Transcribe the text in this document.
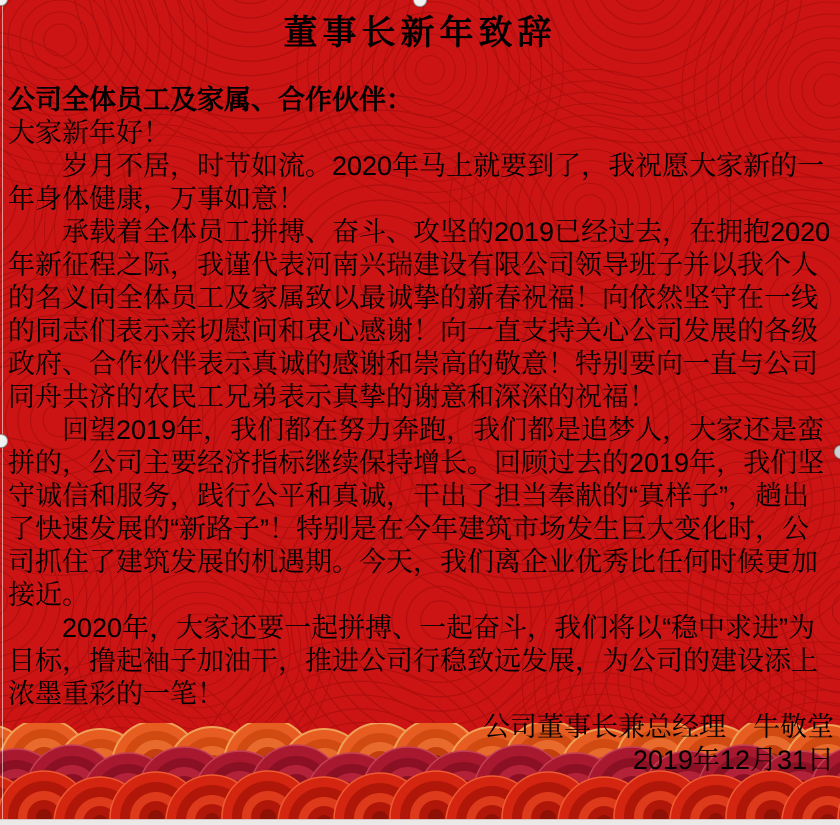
董事长新年致辞

公司全体员工及家属、合作伙伴：

大家新年好！

岁月不居，时节如流。2020年马上就要到了，我祝愿大家新的一年身体健康，万事如意！

承载着全体员工拼搏、奋斗、攻坚的2019已经过去，在拥抱2020年新征程之际，我谨代表河南兴瑞建设有限公司领导班子并以我个人的名义向全体员工及家属致以最诚挚的新春祝福！向依然坚守在一线的同志们表示亲切慰问和衷心感谢！向一直支持关心公司发展的各级政府、合作伙伴表示真诚的感谢和崇高的敬意！特别要向一直与公司同舟共济的农民工兄弟表示真挚的谢意和深深的祝福！

回望2019年，我们都在努力奔跑，我们都是追梦人，大家还是蛮拼的，公司主要经济指标继续保持增长。回顾过去的2019年，我们坚守诚信和服务，践行公平和真诚，干出了担当奉献的“真样子”，趟出了快速发展的“新路子”！特别是在今年建筑市场发生巨大变化时，公司抓住了建筑发展的机遇期。今天，我们离企业优秀比任何时候更加接近。

2020年，大家还要一起拼搏、一起奋斗，我们将以“稳中求进”为目标，撸起袖子加油干，推进公司行稳致远发展，为公司的建设添上浓墨重彩的一笔！

公司董事长兼总经理　牛敬堂

2019年12月31日
